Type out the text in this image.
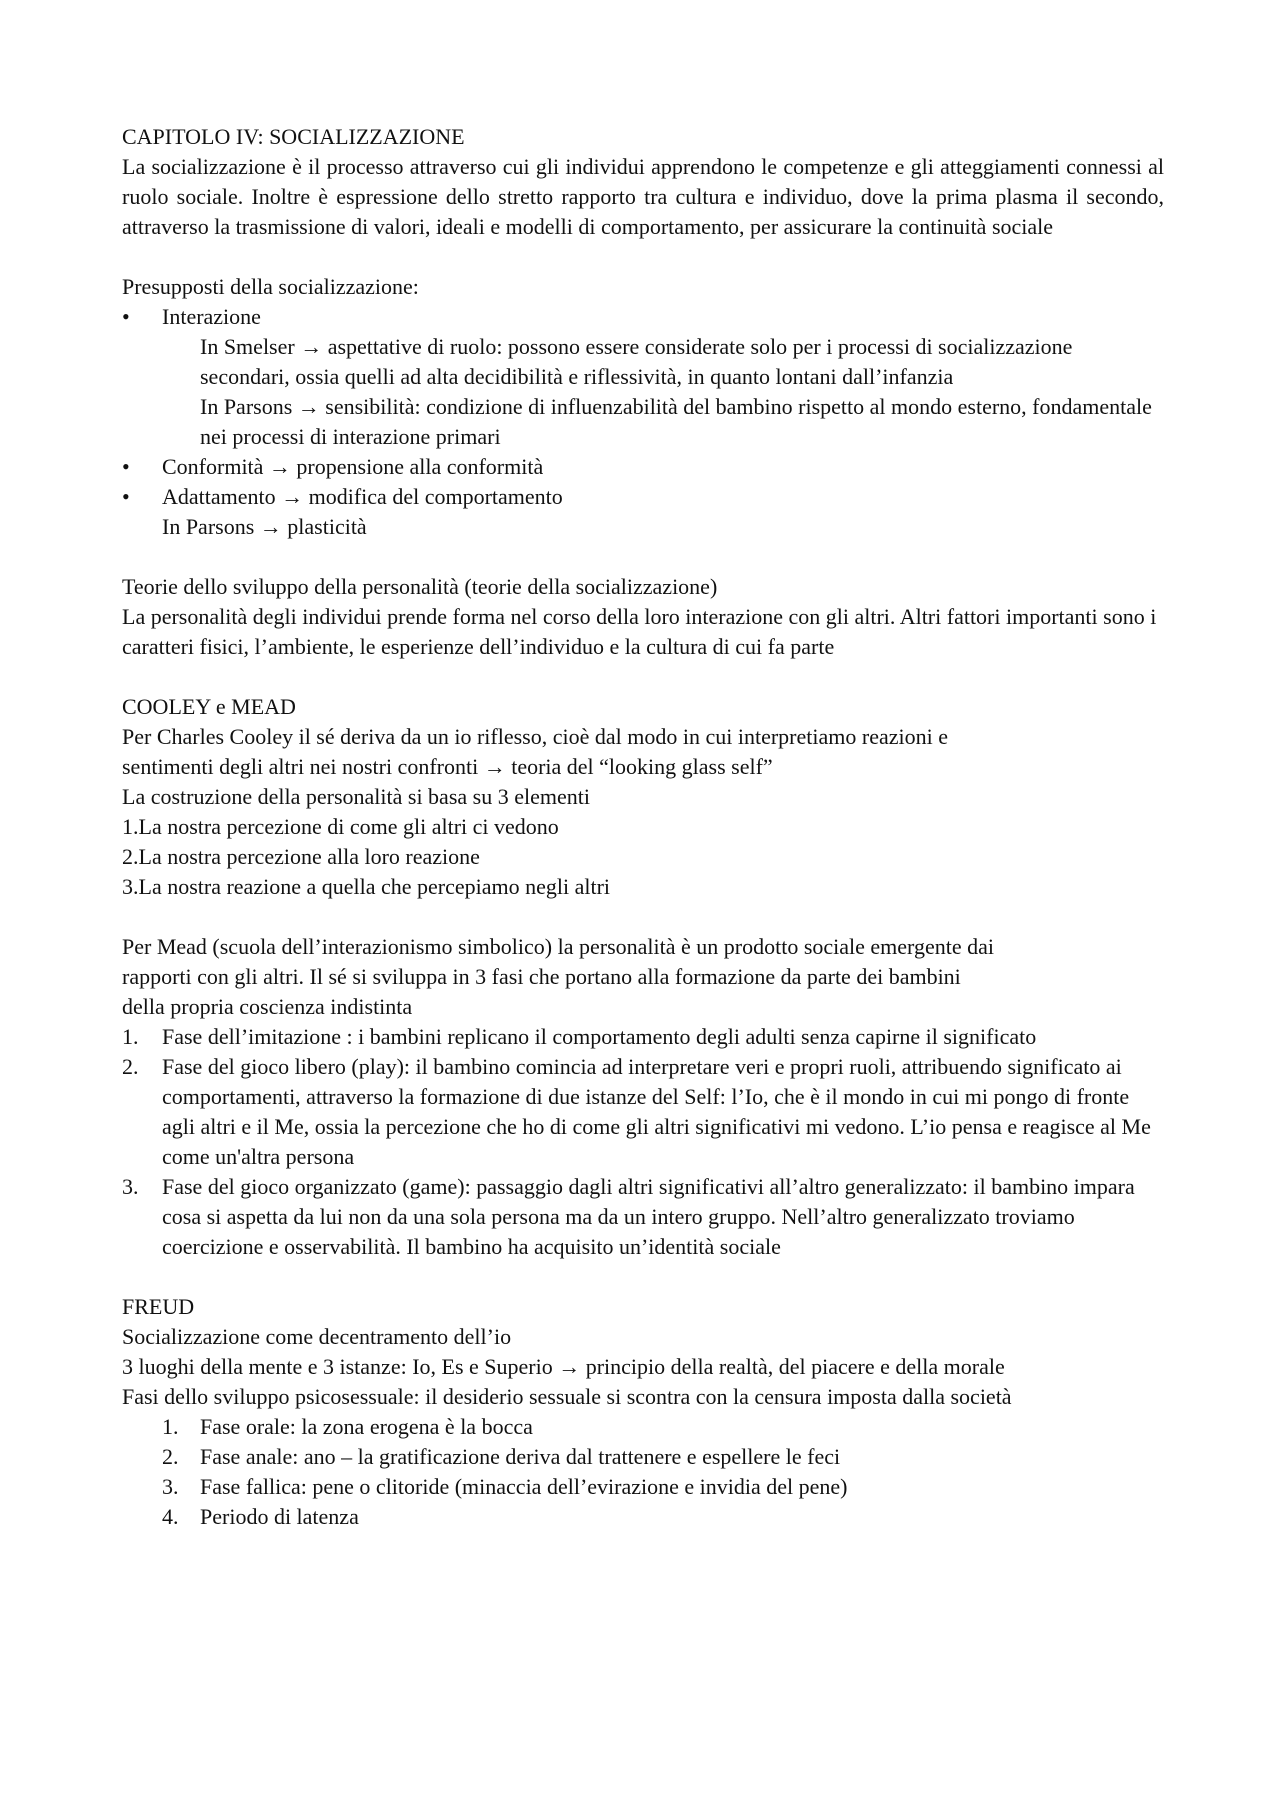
CAPITOLO IV: SOCIALIZZAZIONE

La socializzazione è il processo attraverso cui gli individui apprendono le competenze e gli atteggiamenti connessi al ruolo sociale. Inoltre è espressione dello stretto rapporto tra cultura e individuo, dove la prima plasma il secondo, attraverso la trasmissione di valori, ideali e modelli di comportamento, per assicurare la continuità sociale

Presupposti della socializzazione:

•	Interazione

In Smelser → aspettative di ruolo: possono essere considerate solo per i processi di socializzazione secondari, ossia quelli ad alta decidibilità e riflessività, in quanto lontani dall’infanzia

In Parsons → sensibilità: condizione di influenzabilità del bambino rispetto al mondo esterno, fondamentale nei processi di interazione primari

•	Conformità → propensione alla conformità
•	Adattamento → modifica del comportamento

In Parsons → plasticità

Teorie dello sviluppo della personalità (teorie della socializzazione)

La personalità degli individui prende forma nel corso della loro interazione con gli altri. Altri fattori importanti sono i caratteri fisici, l’ambiente, le esperienze dell’individuo e la cultura di cui fa parte

COOLEY e MEAD

Per Charles Cooley il sé deriva da un io riflesso, cioè dal modo in cui interpretiamo reazioni e

sentimenti degli altri nei nostri confronti → teoria del “looking glass self”

La costruzione della personalità si basa su 3 elementi

1.La nostra percezione di come gli altri ci vedono

2.La nostra percezione alla loro reazione

3.La nostra reazione a quella che percepiamo negli altri

Per Mead (scuola dell’interazionismo simbolico) la personalità è un prodotto sociale emergente dai

rapporti con gli altri. Il sé si sviluppa in 3 fasi che portano alla formazione da parte dei bambini

della propria coscienza indistinta

1. Fase dell’imitazione : i bambini replicano il comportamento degli adulti senza capirne il significato
2. Fase del gioco libero (play): il bambino comincia ad interpretare veri e propri ruoli, attribuendo significato ai comportamenti, attraverso la formazione di due istanze del Self: l’Io, che è il mondo in cui mi pongo di fronte agli altri e il Me, ossia la percezione che ho di come gli altri significativi mi vedono. L’io pensa e reagisce al Me come un'altra persona
3. Fase del gioco organizzato (game): passaggio dagli altri significativi all’altro generalizzato: il bambino impara cosa si aspetta da lui non da una sola persona ma da un intero gruppo. Nell’altro generalizzato troviamo coercizione e osservabilità. Il bambino ha acquisito un’identità sociale

FREUD

Socializzazione come decentramento dell’io

3 luoghi della mente e 3 istanze: Io, Es e Superio → principio della realtà, del piacere e della morale

Fasi dello sviluppo psicosessuale: il desiderio sessuale si scontra con la censura imposta dalla società

1. Fase orale: la zona erogena è la bocca
2. Fase anale: ano – la gratificazione deriva dal trattenere e espellere le feci
3. Fase fallica: pene o clitoride (minaccia dell’evirazione e invidia del pene)
4. Periodo di latenza
